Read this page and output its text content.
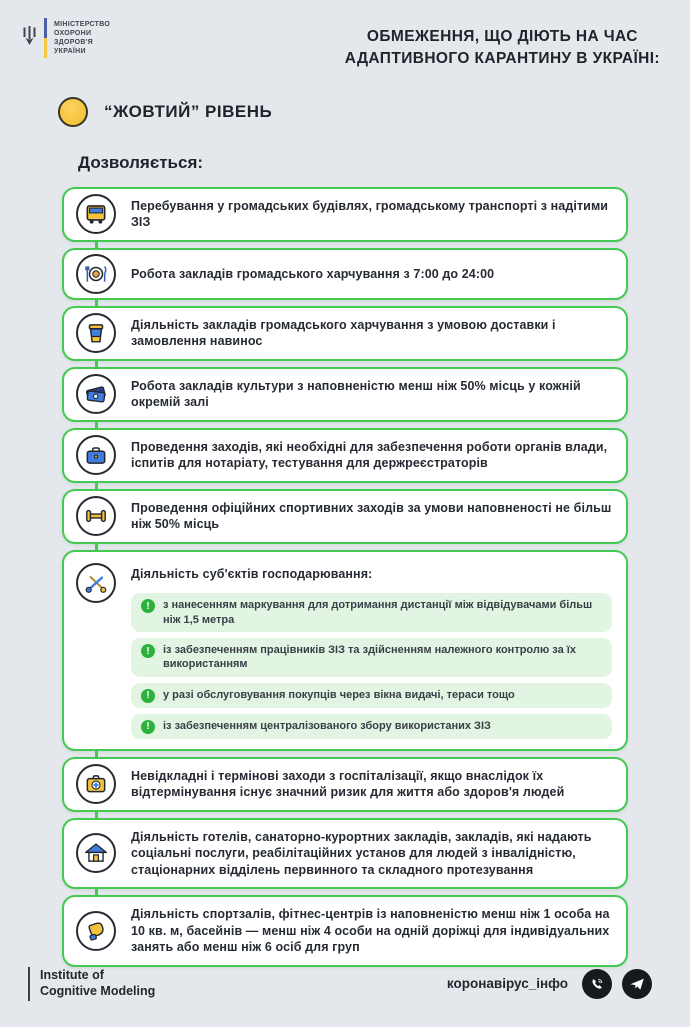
МІНІСТЕРСТВО
ОХОРОНИ
ЗДОРОВ'Я
УКРАЇНИ
ОБМЕЖЕННЯ, ЩО ДІЮТЬ НА ЧАС
АДАПТИВНОГО КАРАНТИНУ В УКРАЇНІ:
“ЖОВТИЙ” РІВЕНЬ
Дозволяється:
Перебування у громадських будівлях, громадському транспорті з надітими ЗІЗ
Робота закладів громадського харчування з 7:00 до 24:00
Діяльність закладів громадського харчування з умовою доставки і замовлення навинос
Робота закладів культури з наповненістю менш ніж 50% місць у кожній окремій залі
Проведення заходів, які необхідні для забезпечення роботи органів влади, іспитів для нотаріату, тестування для держреєстраторів
Проведення офіційних спортивних заходів за умови наповненості не більш ніж 50% місць
Діяльність суб'єктів господарювання:
!	з нанесенням маркування для дотримання дистанції між відвідувачами більш ніж 1,5 метра
!	із забезпеченням працівників ЗІЗ та здійсненням належного контролю за їх використанням
!	у разі обслуговування покупців через вікна видачі, тераси тощо
!	із забезпеченням централізованого збору використаних ЗІЗ
Невідкладні і термінові заходи з госпіталізації, якщо внаслідок їх відтермінування існує значний ризик для життя або здоров'я людей
Діяльність готелів, санаторно-курортних закладів, закладів, які надають соціальні послуги, реабілітаційних установ для людей з інвалідністю, стаціонарних відділень первинного та складного протезування
Діяльність спортзалів, фітнес-центрів із наповненістю менш ніж 1 особа на 10 кв. м, басейнів — менш ніж 4 особи на одній доріжці для індивідуальних занять або менш ніж 6 осіб для груп
Institute of
Cognitive Modeling	коронавірус_інфо
